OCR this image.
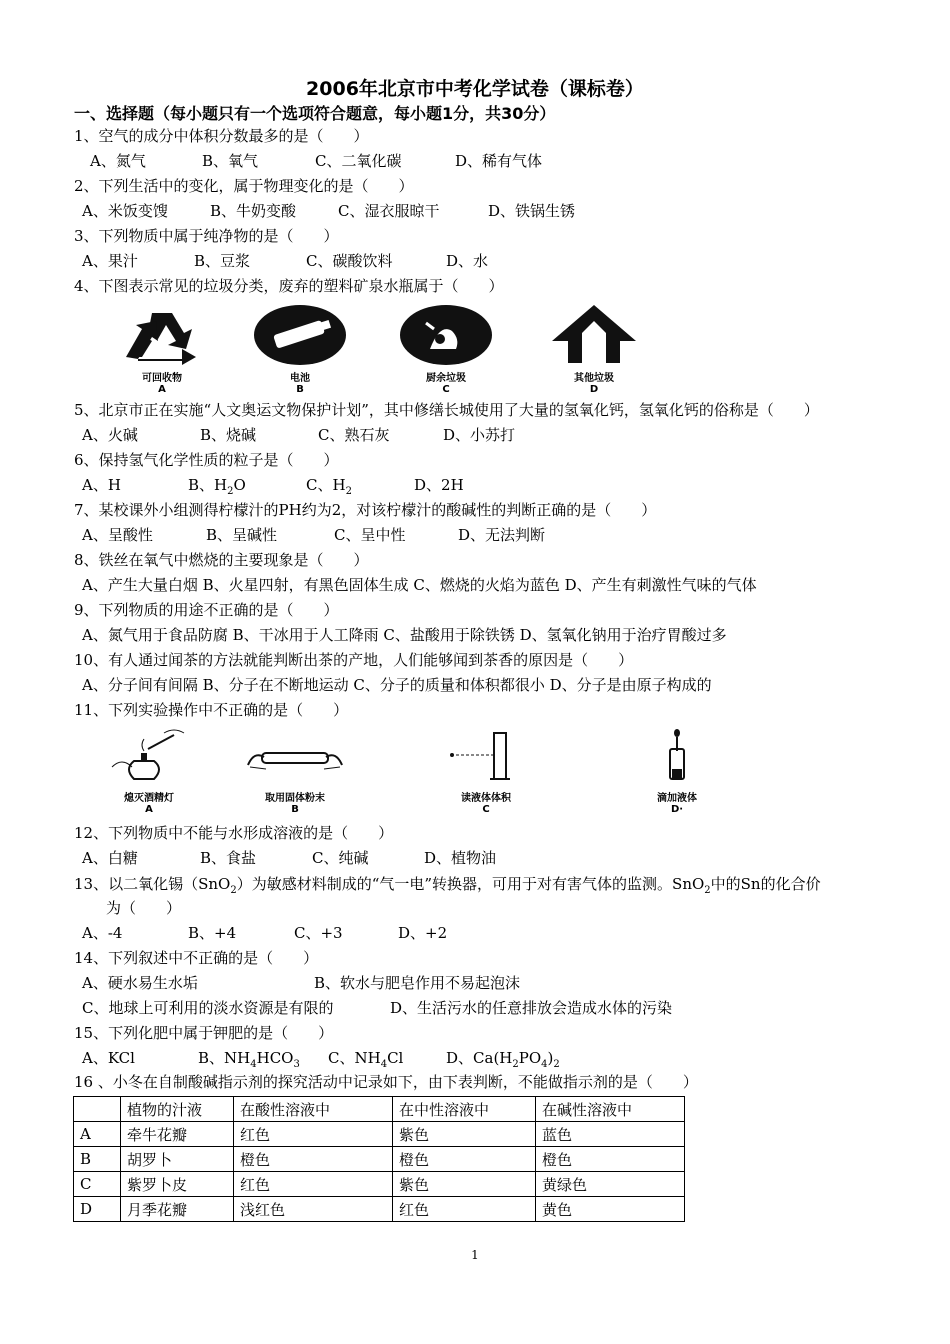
2006年北京市中考化学试卷（课标卷）
一、选择题（每小题只有一个选项符合题意，每小题1分，共30分）
1、空气的成分中体积分数最多的是（　　）
A、氮气	B、氧气	C、二氧化碳	D、稀有气体
2、下列生活中的变化，属于物理变化的是（　　）
A、米饭变馊	B、牛奶变酸	C、湿衣服晾干	D、铁锅生锈
3、下列物质中属于纯净物的是（　　）
A、果汁	B、豆浆	C、碳酸饮料	D、水
4、下图表示常见的垃圾分类，废弃的塑料矿泉水瓶属于（　　）
可回收物
A
电池
B
厨余垃圾
C
其他垃圾
D
5、北京市正在实施“人文奥运文物保护计划”，其中修缮长城使用了大量的氢氧化钙，氢氧化钙的俗称是（　　）
A、火碱	B、烧碱	C、熟石灰	D、小苏打
6、保持氢气化学性质的粒子是（　　）
A、H	B、$H_2O$	C、$H_2$	D、2H
7、某校课外小组测得柠檬汁的PH约为2，对该柠檬汁的酸碱性的判断正确的是（　　）
A、呈酸性	B、呈碱性	C、呈中性	D、无法判断
8、铁丝在氧气中燃烧的主要现象是（　　）
A、产生大量白烟 B、火星四射，有黑色固体生成 C、燃烧的火焰为蓝色 D、产生有刺激性气味的气体
9、下列物质的用途不正确的是（　　）
A、氮气用于食品防腐 B、干冰用于人工降雨 C、盐酸用于除铁锈 D、氢氧化钠用于治疗胃酸过多
10、有人通过闻茶的方法就能判断出茶的产地，人们能够闻到茶香的原因是（　　）
A、分子间有间隔 B、分子在不断地运动 C、分子的质量和体积都很小 D、分子是由原子构成的
11、下列实验操作中不正确的是（　　）
熄灭酒精灯
A
取用固体粉末
B
读液体体积
C
滴加液体
D·
12、下列物质中不能与水形成溶液的是（　　）
A、白糖	B、食盐	C、纯碱	D、植物油
13、以二氧化锡（SnO$_2$）为敏感材料制成的“气一电”转换器，可用于对有害气体的监测。SnO$_2$中的Sn的化合价
为（　　）
A、-4	B、+4	C、+3	D、+2
14、下列叙述中不正确的是（　　）
A、硬水易生水垢	B、软水与肥皂作用不易起泡沫
C、地球上可利用的淡水资源是有限的	D、生活污水的任意排放会造成水体的污染
15、下列化肥中属于钾肥的是（　　）
A、KCl	B、$NH_4HCO_3$ C、$NH_4Cl$	D、$Ca(H_2PO_4)_2$
16 、小冬在自制酸碱指示剂的探究活动中记录如下，由下表判断，不能做指示剂的是（　　）
	植物的汁液	在酸性溶液中	在中性溶液中	在碱性溶液中
A	牵牛花瓣	红色	紫色	蓝色
B	胡罗卜	橙色	橙色	橙色
C	紫罗卜皮	红色	紫色	黄绿色
D	月季花瓣	浅红色	红色	黄色
1
